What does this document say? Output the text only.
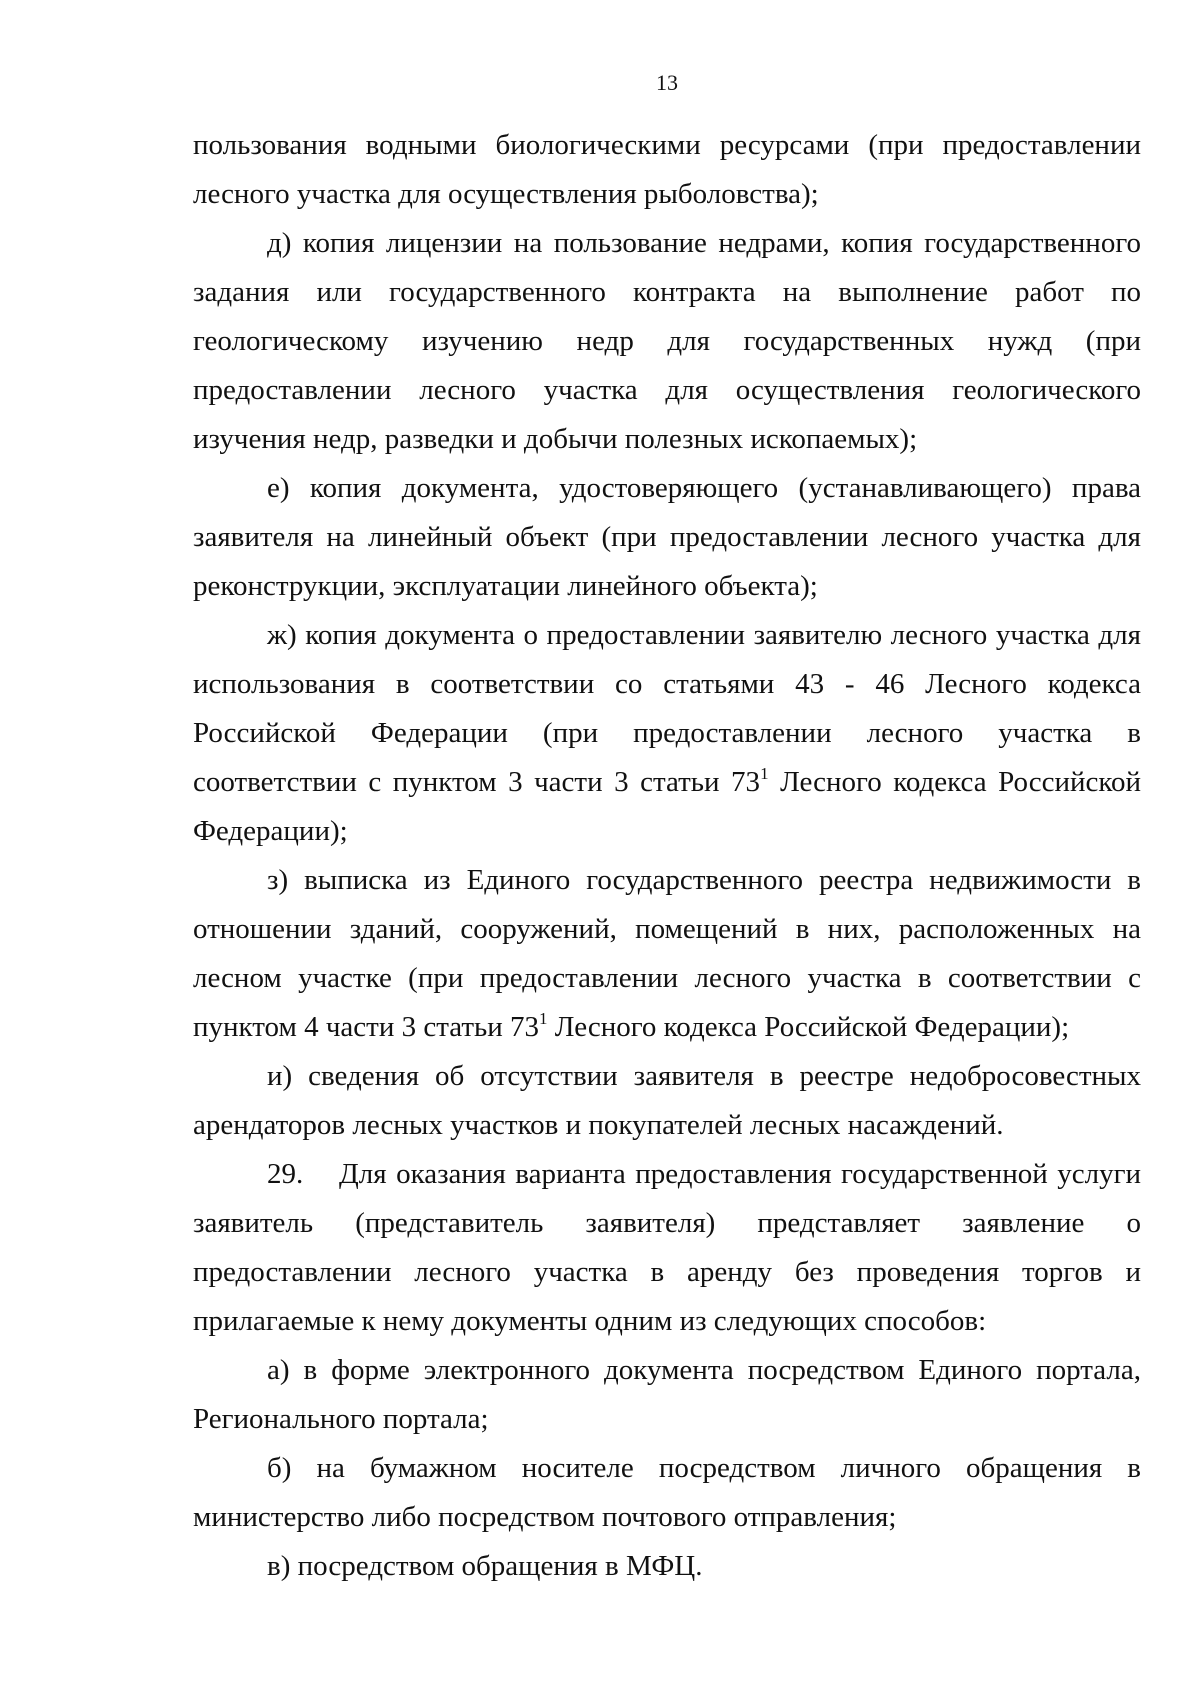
13

пользования водными биологическими ресурсами (при предоставлении лесного участка для осуществления рыболовства);

д) копия лицензии на пользование недрами, копия государственного задания или государственного контракта на выполнение работ по геологическому изучению недр для государственных нужд (при предоставлении лесного участка для осуществления геологического изучения недр, разведки и добычи полезных ископаемых);

е) копия документа, удостоверяющего (устанавливающего) права заявителя на линейный объект (при предоставлении лесного участка для реконструкции, эксплуатации линейного объекта);

ж) копия документа о предоставлении заявителю лесного участка для использования в соответствии со статьями 43 - 46 Лесного кодекса Российской Федерации (при предоставлении лесного участка в соответствии с пунктом 3 части 3 статьи $73^1$ Лесного кодекса Российской Федерации);

з) выписка из Единого государственного реестра недвижимости в отношении зданий, сооружений, помещений в них, расположенных на лесном участке (при предоставлении лесного участка в соответствии с пунктом 4 части 3 статьи $73^1$ Лесного кодекса Российской Федерации);

и) сведения об отсутствии заявителя в реестре недобросовестных арендаторов лесных участков и покупателей лесных насаждений.

29. Для оказания варианта предоставления государственной услуги заявитель (представитель заявителя) представляет заявление о предоставлении лесного участка в аренду без проведения торгов и прилагаемые к нему документы одним из следующих способов:

а) в форме электронного документа посредством Единого портала, Регионального портала;

б) на бумажном носителе посредством личного обращения в министерство либо посредством почтового отправления;

в) посредством обращения в МФЦ.
